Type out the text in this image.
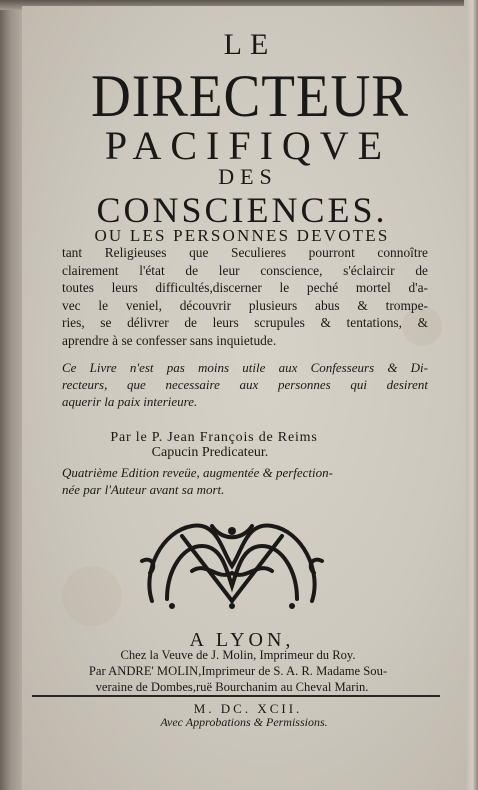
LE
DIRECTEUR
PACIFIQVE
DES
CONSCIENCES.
OU LES PERSONNES DEVOTES
tant Religieuses que Seculieres pourront connoître
clairement l'état de leur conscience, s'éclaircir de
toutes leurs difficultés,discerner le peché mortel d'a-
vec le veniel, découvrir plusieurs abus & trompe-
ries, se délivrer de leurs scrupules & tentations, &
aprendre à se confesser sans inquietude.
Ce Livre n'est pas moins utile aux Confesseurs & Di-
recteurs, que necessaire aux personnes qui desirent
aquerir la paix interieure.
Par le P. Jean François de Reims
Capucin Predicateur.
Quatrième Edition reveüe, augmentée & perfection-
née par l'Auteur avant sa mort.
A LYON,
Chez la Veuve de J. Molin, Imprimeur du Roy.
Par ANDRE' MOLIN,Imprimeur de S. A. R. Madame Sou-
veraine de Dombes,ruë Bourchanim au Cheval Marin.
M. DC. XCII.
Avec Approbations & Permissions.
